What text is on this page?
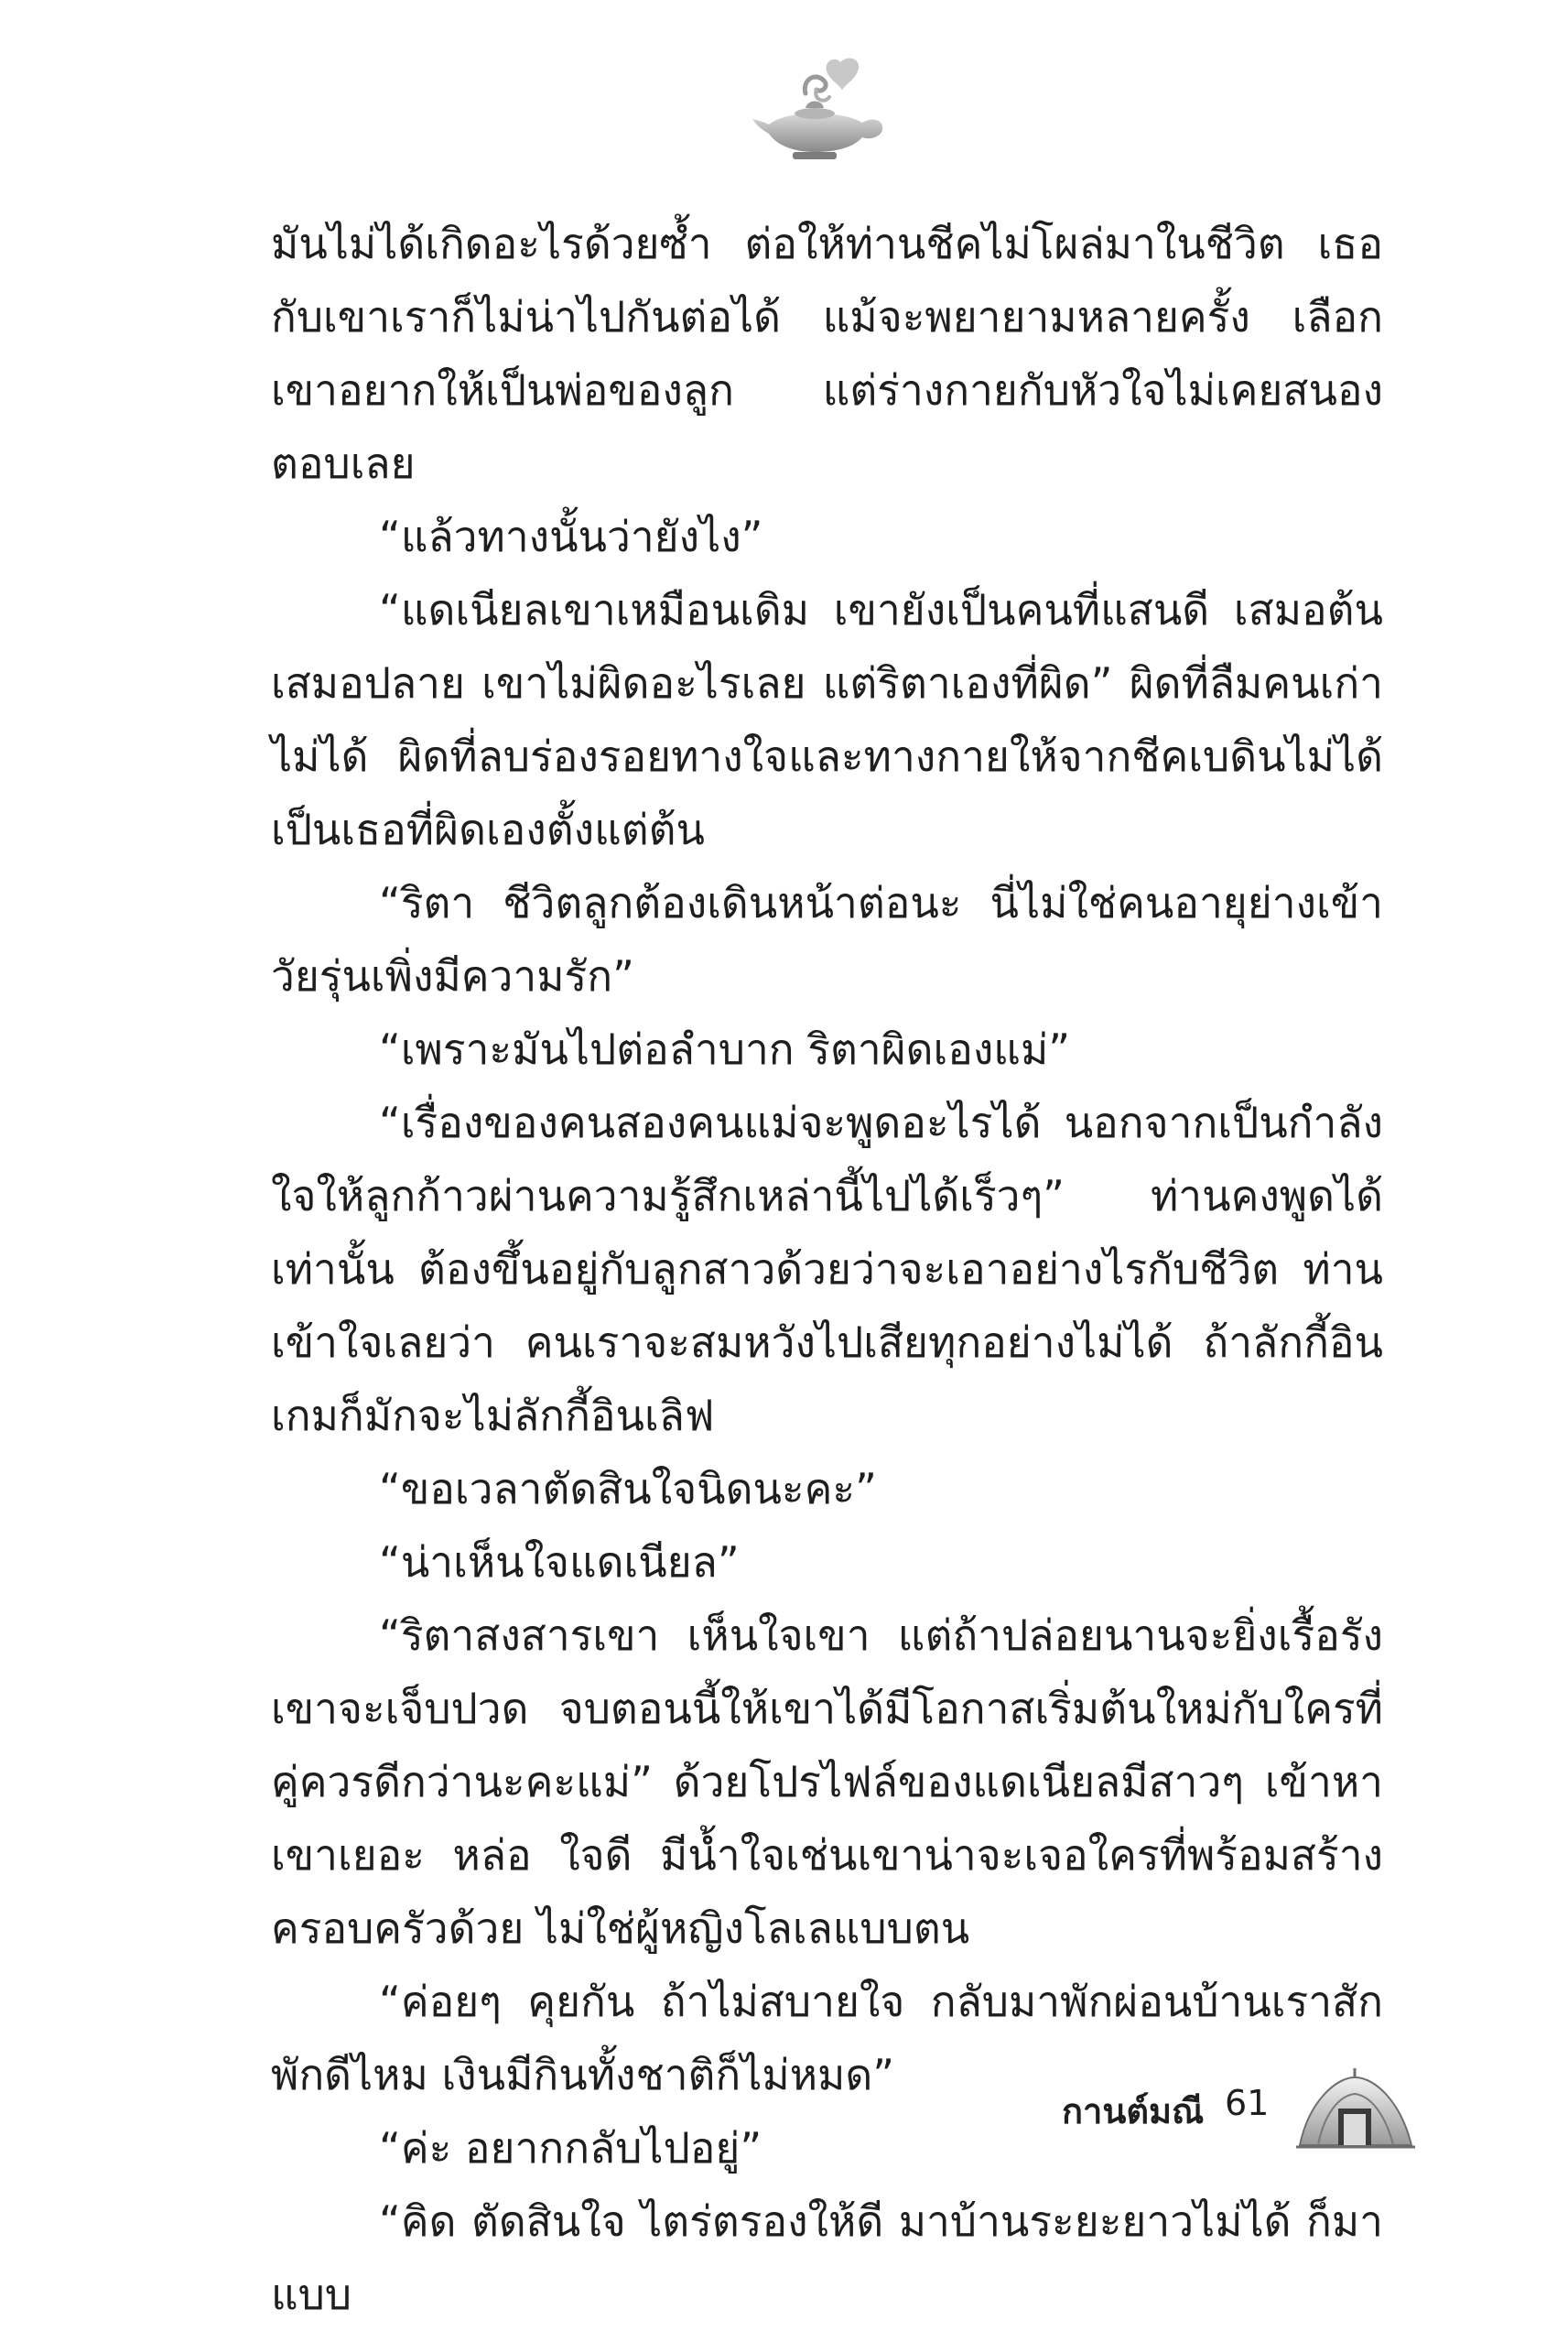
มันไม่ได้เกิดอะไรด้วยซ้ำ ต่อให้ท่านชีคไม่โผล่มาในชีวิต เธอกับเขาเราก็ไม่น่าไปกันต่อได้ แม้จะพยายามหลายครั้ง เลือกเขาอยากให้เป็นพ่อของลูก แต่ร่างกายกับหัวใจไม่เคยสนองตอบเลย

“แล้วทางนั้นว่ายังไง”

“แดเนียลเขาเหมือนเดิม เขายังเป็นคนที่แสนดี เสมอต้นเสมอปลาย เขาไม่ผิดอะไรเลย แต่ริตาเองที่ผิด” ผิดที่ลืมคนเก่าไม่ได้ ผิดที่ลบร่องรอยทางใจและทางกายให้จากชีคเบดินไม่ได้ เป็นเธอที่ผิดเองตั้งแต่ต้น

“ริตา ชีวิตลูกต้องเดินหน้าต่อนะ นี่ไม่ใช่คนอายุย่างเข้าวัยรุ่นเพิ่งมีความรัก”

“เพราะมันไปต่อลำบาก ริตาผิดเองแม่”

“เรื่องของคนสองคนแม่จะพูดอะไรได้ นอกจากเป็นกำลังใจให้ลูกก้าวผ่านความรู้สึกเหล่านี้ไปได้เร็วๆ” ท่านคงพูดได้เท่านั้น ต้องขึ้นอยู่กับลูกสาวด้วยว่าจะเอาอย่างไรกับชีวิต ท่านเข้าใจเลยว่า คนเราจะสมหวังไปเสียทุกอย่างไม่ได้ ถ้าลักกี้อินเกมก็มักจะไม่ลักกี้อินเลิฟ

“ขอเวลาตัดสินใจนิดนะคะ”

“น่าเห็นใจแดเนียล”

“ริตาสงสารเขา เห็นใจเขา แต่ถ้าปล่อยนานจะยิ่งเรื้อรัง เขาจะเจ็บปวด จบตอนนี้ให้เขาได้มีโอกาสเริ่มต้นใหม่กับใครที่คู่ควรดีกว่านะคะแม่” ด้วยโปรไฟล์ของแดเนียลมีสาวๆ เข้าหาเขาเยอะ หล่อ ใจดี มีน้ำใจเช่นเขาน่าจะเจอใครที่พร้อมสร้างครอบครัวด้วย ไม่ใช่ผู้หญิงโลเลแบบตน

“ค่อยๆ คุยกัน ถ้าไม่สบายใจ กลับมาพักผ่อนบ้านเราสักพักดีไหม เงินมีกินทั้งชาติก็ไม่หมด”

“ค่ะ อยากกลับไปอยู่”

“คิด ตัดสินใจ ไตร่ตรองให้ดี มาบ้านระยะยาวไม่ได้ ก็มาแบบ

กานต์มณี 61
